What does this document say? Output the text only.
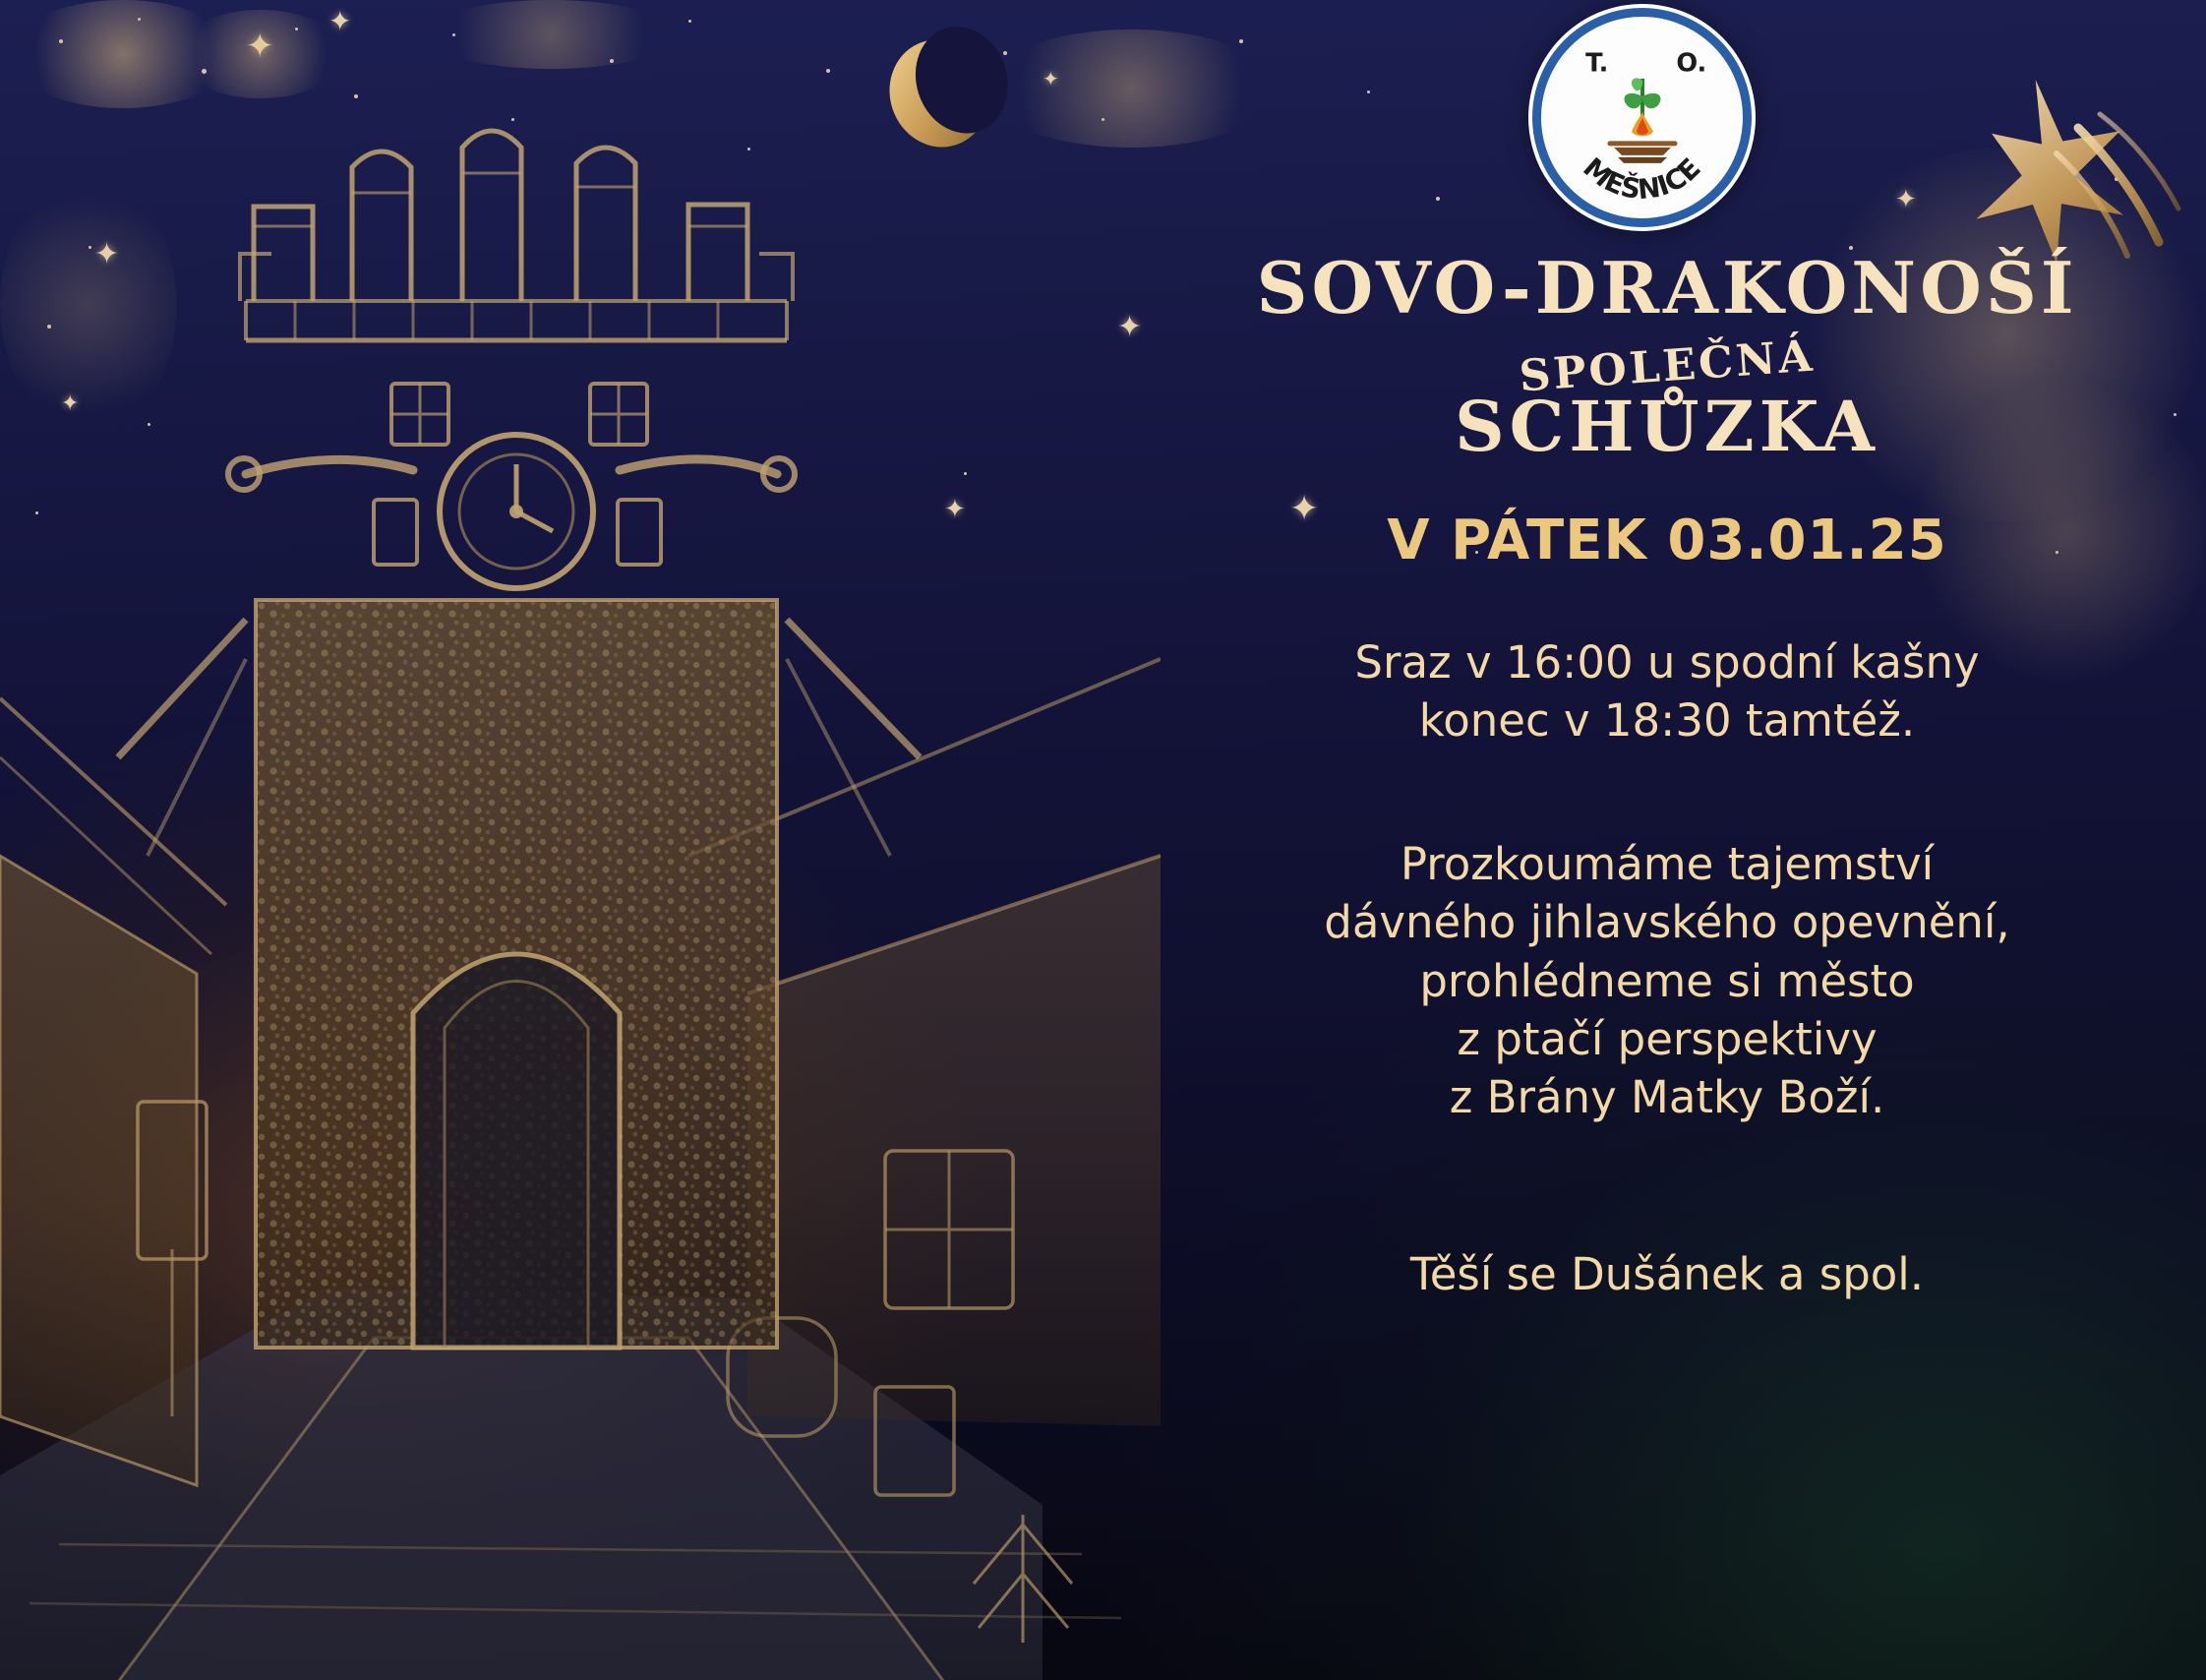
✦
✦
✦
✦
✦
✦
✦
✦
✦
MEŠNICE
T.	O.
SOVO-DRAKONOŠÍ
SPOLEČNÁ
SCHŮZKA
V PÁTEK 03.01.25

Sraz v 16:00 u spodní kašny

konec v 18:30 tamtéž.

Prozkoumáme tajemství

dávného jihlavského opevnění,

prohlédneme si město

z ptačí perspektivy

z Brány Matky Boží.

Těší se Dušánek a spol.
